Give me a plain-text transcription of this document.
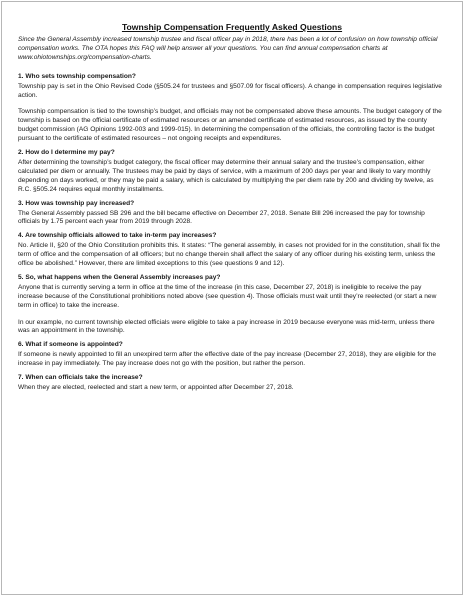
Township Compensation Frequently Asked Questions

Since the General Assembly increased township trustee and fiscal officer pay in 2018, there has been a lot of confusion on how township official compensation works. The OTA hopes this FAQ will help answer all your questions. You can find annual compensation charts at www.ohiotownships.org/compensation-charts.

1. Who sets township compensation?

Township pay is set in the Ohio Revised Code (§505.24 for trustees and §507.09 for fiscal officers). A change in compensation requires legislative action.

Township compensation is tied to the township’s budget, and officials may not be compensated above these amounts. The budget category of the township is based on the official certificate of estimated resources or an amended certificate of estimated resources, as issued by the county budget commission (AG Opinions 1992-003 and 1999-015). In determining the compensation of the officials, the controlling factor is the budget pursuant to the certificate of estimated resources – not ongoing receipts and expenditures.

2. How do I determine my pay?

After determining the township’s budget category, the fiscal officer may determine their annual salary and the trustee’s compensation, either calculated per diem or annually. The trustees may be paid by days of service, with a maximum of 200 days per year and likely to vary monthly depending on days worked, or they may be paid a salary, which is calculated by multiplying the per diem rate by 200 and dividing by twelve, as R.C. §505.24 requires equal monthly installments.

3. How was township pay increased?

The General Assembly passed SB 296 and the bill became effective on December 27, 2018. Senate Bill 296 increased the pay for township officials by 1.75 percent each year from 2019 through 2028.

4. Are township officials allowed to take in-term pay increases?

No. Article II, §20 of the Ohio Constitution prohibits this. It states: “The general assembly, in cases not provided for in the constitution, shall fix the term of office and the compensation of all officers; but no change therein shall affect the salary of any officer during his existing term, unless the office be abolished.” However, there are limited exceptions to this (see questions 9 and 12).

5. So, what happens when the General Assembly increases pay?

Anyone that is currently serving a term in office at the time of the increase (in this case, December 27, 2018) is ineligible to receive the pay increase because of the Constitutional prohibitions noted above (see question 4). Those officials must wait until they’re reelected (or start a new term in office) to take the increase.

In our example, no current township elected officials were eligible to take a pay increase in 2019 because everyone was mid-term, unless there was an appointment in the township.

6. What if someone is appointed?

If someone is newly appointed to fill an unexpired term after the effective date of the pay increase (December 27, 2018), they are eligible for the increase in pay immediately. The pay increase does not go with the position, but rather the person.

7. When can officials take the increase?

When they are elected, reelected and start a new term, or appointed after December 27, 2018.
